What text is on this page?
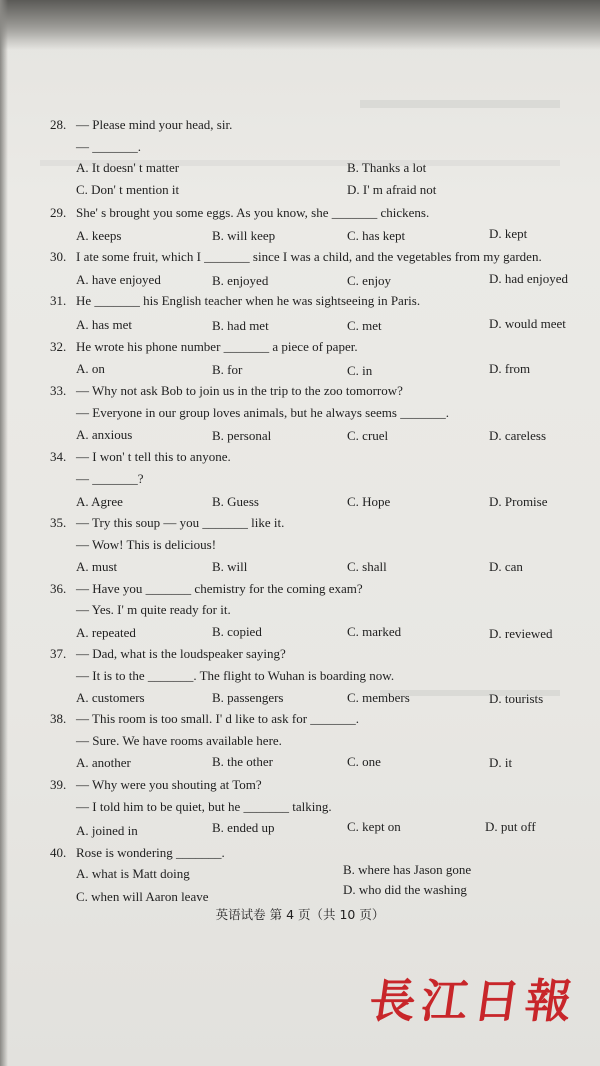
28. — Please mind your head, sir.
— _______.
A. It doesn' t matter	B. Thanks a lot
C. Don' t mention it	D. I' m afraid not
29. She' s brought you some eggs. As you know, she _______ chickens.
A. keeps	B. will keep	C. has kept	D. kept
30. I ate some fruit, which I _______ since I was a child, and the vegetables from my garden.
A. have enjoyed	B. enjoyed	C. enjoy	D. had enjoyed
31. He _______ his English teacher when he was sightseeing in Paris.
A. has met	B. had met	C. met	D. would meet
32. He wrote his phone number _______ a piece of paper.
A. on	B. for	C. in	D. from
33. — Why not ask Bob to join us in the trip to the zoo tomorrow?
— Everyone in our group loves animals, but he always seems _______.
A. anxious	B. personal	C. cruel	D. careless
34. — I won' t tell this to anyone.
— _______?
A. Agree	B. Guess	C. Hope	D. Promise
35. — Try this soup — you _______ like it.
— Wow! This is delicious!
A. must	B. will	C. shall	D. can
36. — Have you _______ chemistry for the coming exam?
— Yes. I' m quite ready for it.
A. repeated	B. copied	C. marked	D. reviewed
37. — Dad, what is the loudspeaker saying?
— It is to the _______. The flight to Wuhan is boarding now.
A. customers	B. passengers	C. members	D. tourists
38. — This room is too small. I' d like to ask for _______.
— Sure. We have rooms available here.
A. another	B. the other	C. one	D. it
39. — Why were you shouting at Tom?
— I told him to be quiet, but he _______ talking.
A. joined in	B. ended up	C. kept on	D. put off
40. Rose is wondering _______.
A. what is Matt doing	B. where has Jason gone
C. when will Aaron leave	D. who did the washing
英语试卷 第 4 页（共 10 页）
長江日報
